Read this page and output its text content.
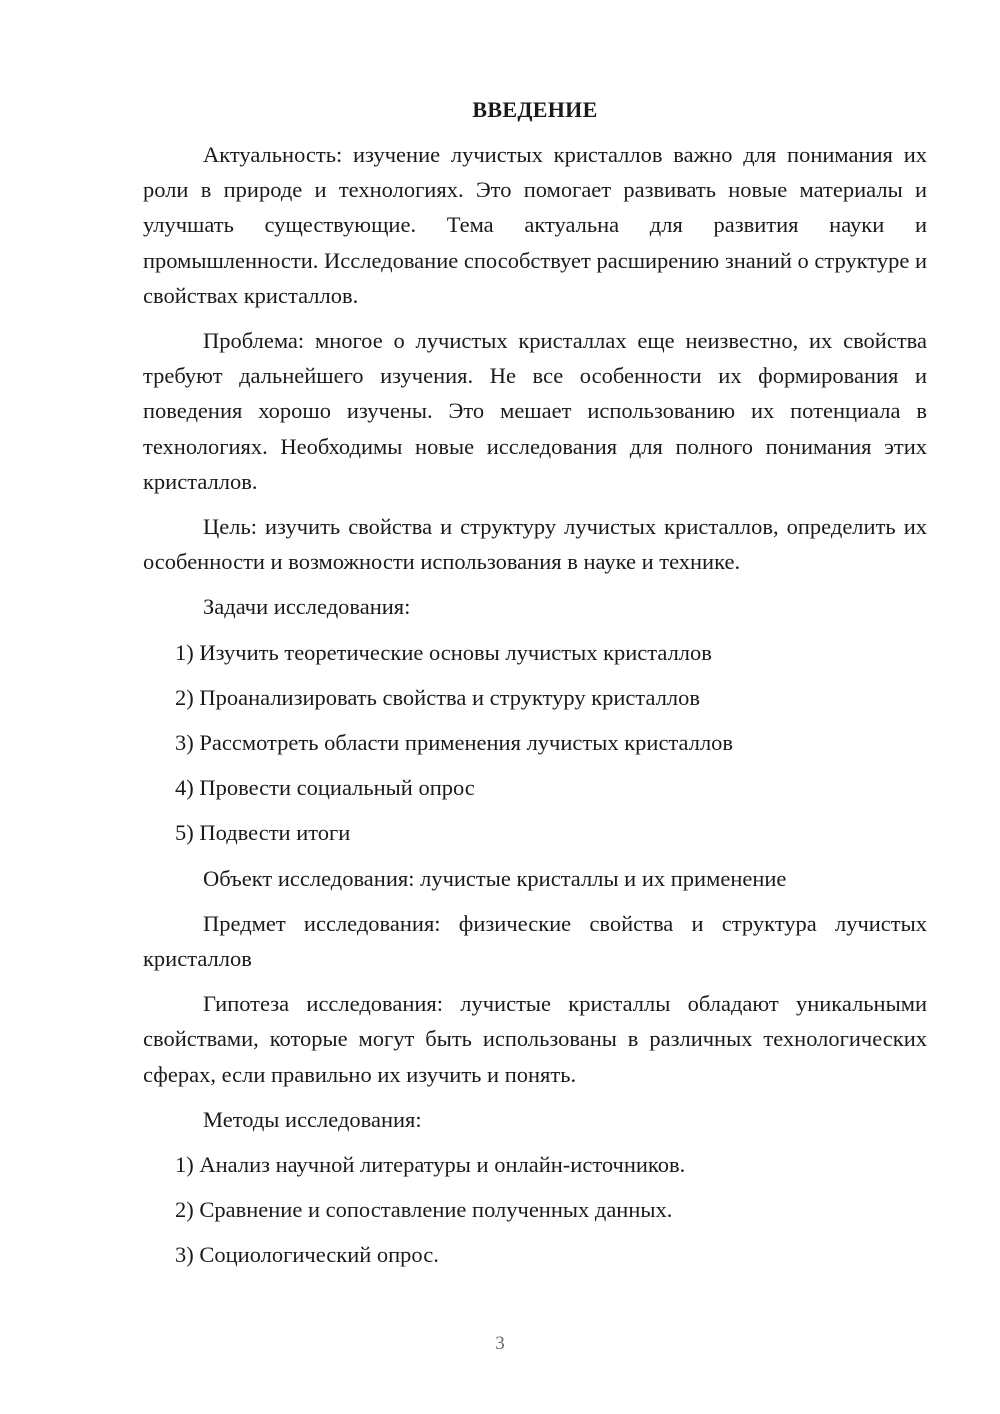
ВВЕДЕНИЕ
Актуальность: изучение лучистых кристаллов важно для понимания их роли в природе и технологиях. Это помогает развивать новые материалы и улучшать существующие. Тема актуальна для развития науки и промышленности. Исследование способствует расширению знаний о структуре и свойствах кристаллов.
Проблема: многое о лучистых кристаллах еще неизвестно, их свойства требуют дальнейшего изучения. Не все особенности их формирования и поведения хорошо изучены. Это мешает использованию их потенциала в технологиях. Необходимы новые исследования для полного понимания этих кристаллов.
Цель: изучить свойства и структуру лучистых кристаллов, определить их особенности и возможности использования в науке и технике.
Задачи исследования:
1) Изучить теоретические основы лучистых кристаллов
2) Проанализировать свойства и структуру кристаллов
3) Рассмотреть области применения лучистых кристаллов
4) Провести социальный опрос
5) Подвести итоги
Объект исследования: лучистые кристаллы и их применение
Предмет исследования: физические свойства и структура лучистых кристаллов
Гипотеза исследования: лучистые кристаллы обладают уникальными свойствами, которые могут быть использованы в различных технологических сферах, если правильно их изучить и понять.
Методы исследования:
1) Анализ научной литературы и онлайн-источников.
2) Сравнение и сопоставление полученных данных.
3) Социологический опрос.
3
